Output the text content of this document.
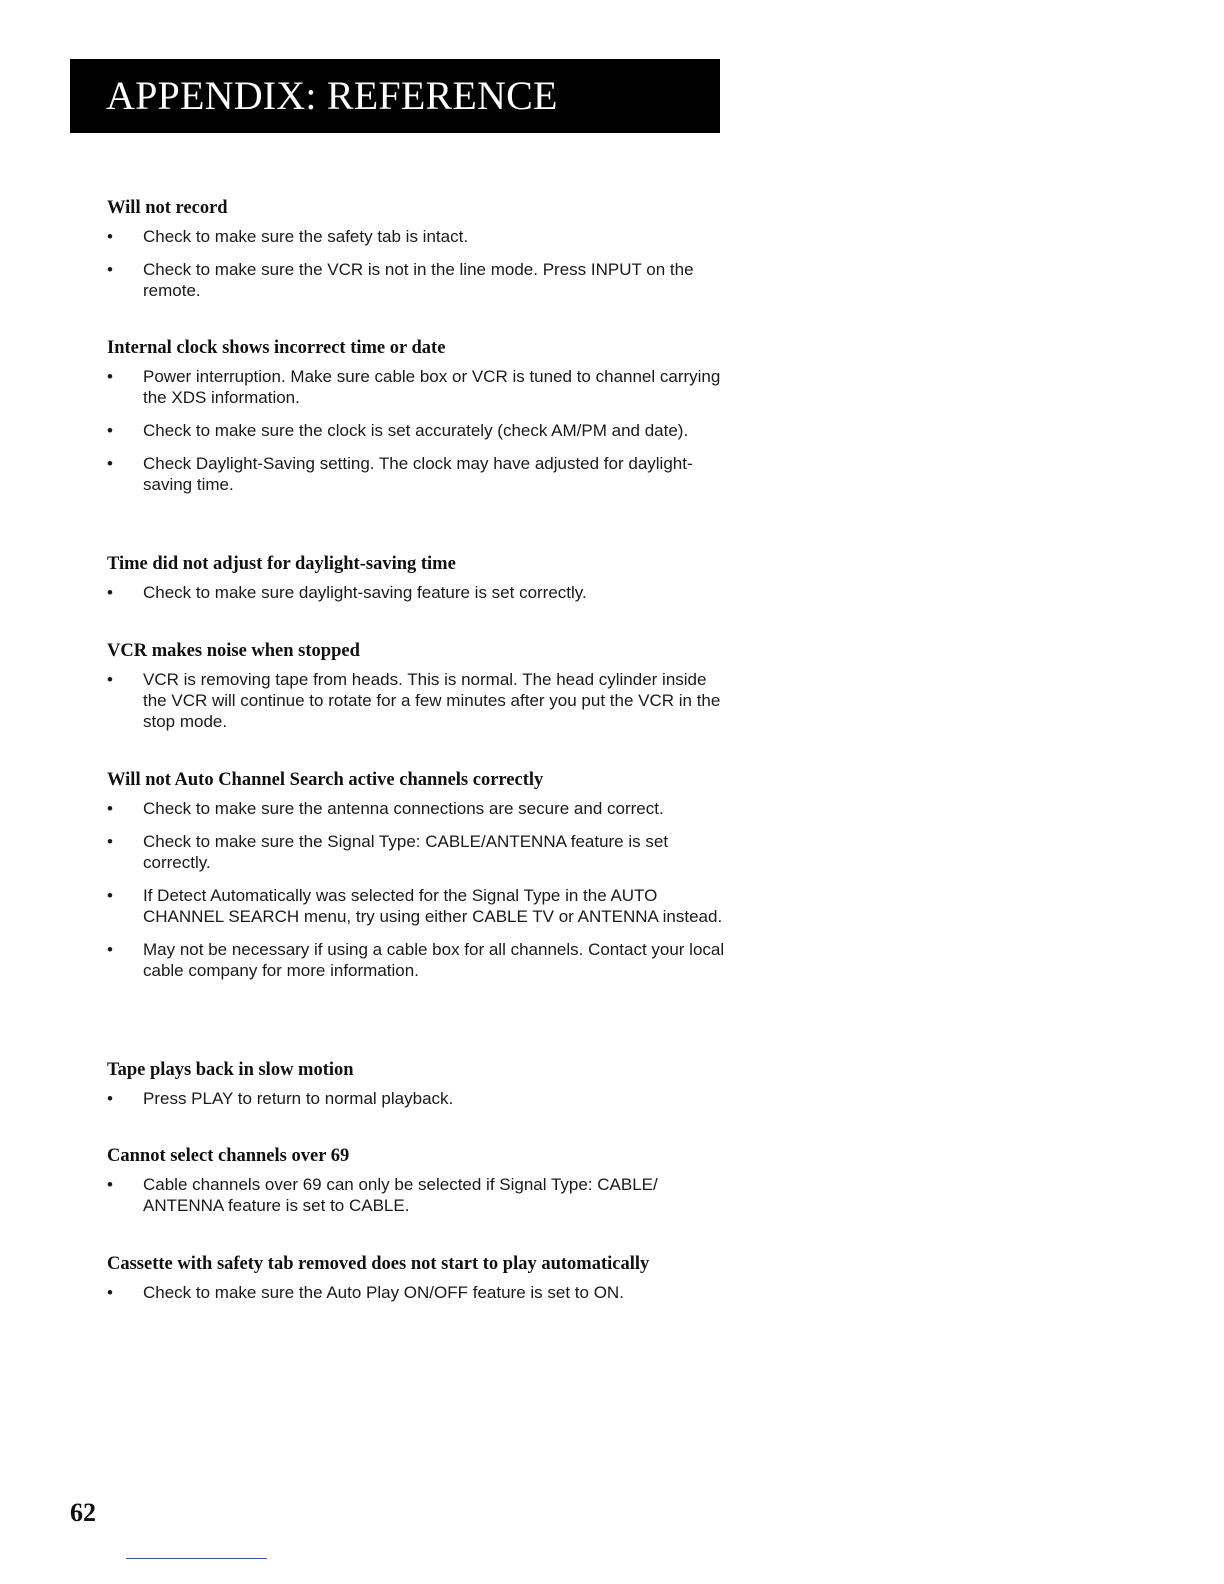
APPENDIX: REFERENCE
Will not record
•	Check to make sure the safety tab is intact.
•	Check to make sure the VCR is not in the line mode. Press INPUT on the remote.
Internal clock shows incorrect time or date
•	Power interruption. Make sure cable box or VCR is tuned to channel carrying the XDS information.
•	Check to make sure the clock is set accurately (check AM/PM and date).
•	Check Daylight-Saving setting. The clock may have adjusted for daylight-saving time.
Time did not adjust for daylight-saving time
•	Check to make sure daylight-saving feature is set correctly.
VCR makes noise when stopped
•	VCR is removing tape from heads. This is normal. The head cylinder inside the VCR will continue to rotate for a few minutes after you put the VCR in the stop mode.
Will not Auto Channel Search active channels correctly
•	Check to make sure the antenna connections are secure and correct.
•	Check to make sure the Signal Type: CABLE/ANTENNA feature is set correctly.
•	If Detect Automatically was selected for the Signal Type in the AUTO CHANNEL SEARCH menu, try using either CABLE TV or ANTENNA instead.
•	May not be necessary if using a cable box for all channels. Contact your local cable company for more information.
Tape plays back in slow motion
•	Press PLAY to return to normal playback.
Cannot select channels over 69
•	Cable channels over 69 can only be selected if Signal Type: CABLE/ ANTENNA feature is set to CABLE.
Cassette with safety tab removed does not start to play automatically
•	Check to make sure the Auto Play ON/OFF feature is set to ON.

62
